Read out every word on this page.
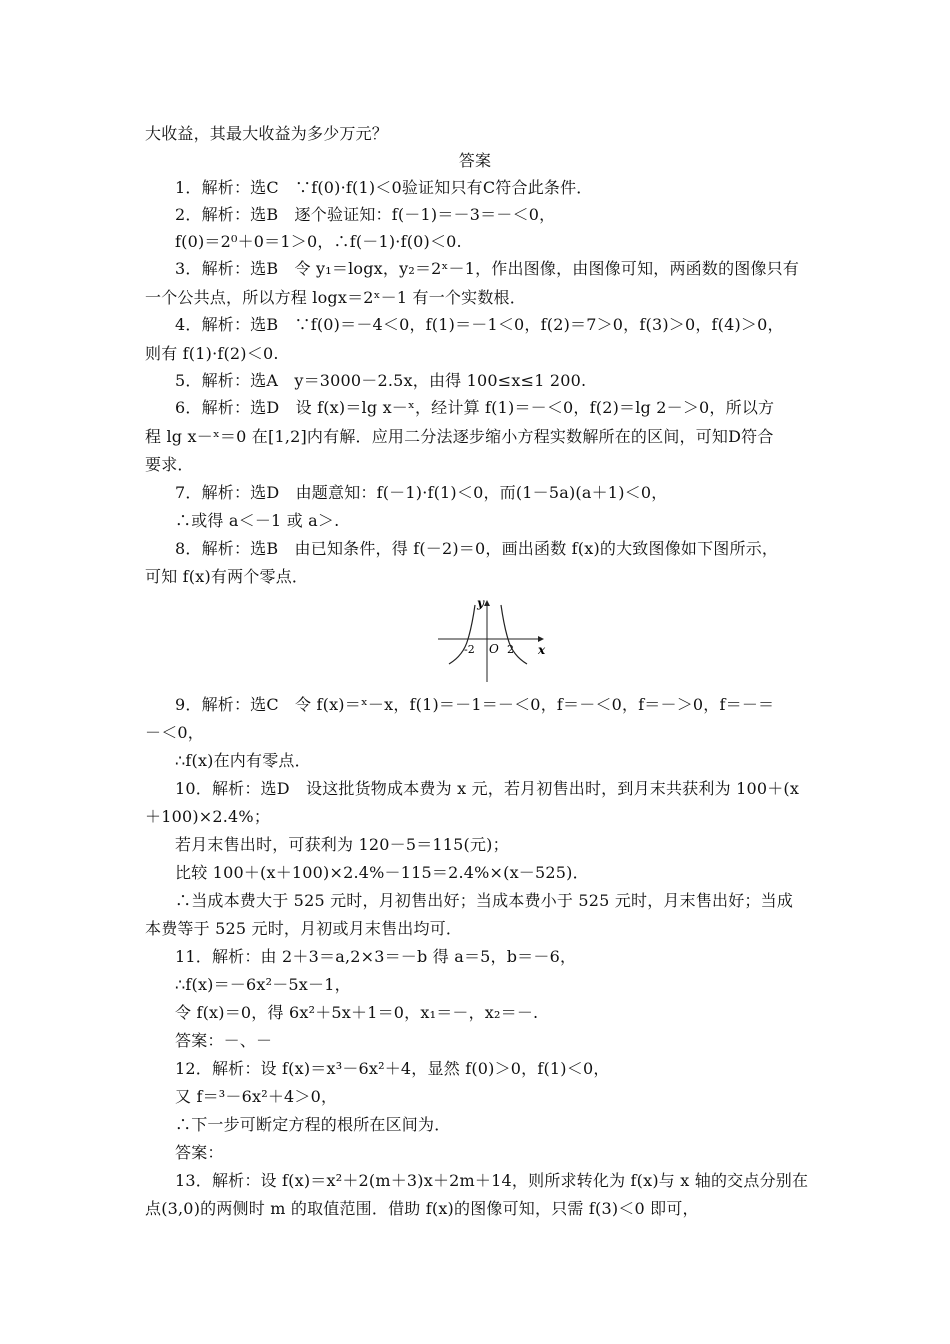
大收益，其最大收益为多少万元？
答案
1．解析：选C　∵f(0)·f(1)＜0验证知只有C符合此条件．
2．解析：选B　逐个验证知：f(－1)＝－3＝－＜0，
f(0)＝2⁰＋0＝1＞0，∴f(－1)·f(0)＜0.
3．解析：选B　令 y₁＝logx，y₂＝2ˣ－1，作出图像，由图像可知，两函数的图像只有
一个公共点，所以方程 logx＝2ˣ－1 有一个实数根．
4．解析：选B　∵f(0)＝－4＜0，f(1)＝－1＜0，f(2)＝7＞0，f(3)＞0，f(4)＞0，
则有 f(1)·f(2)＜0.
5．解析：选A　y＝3000－2.5x，由得 100≤x≤1 200.
6．解析：选D　设 f(x)＝lg x－ˣ，经计算 f(1)＝－＜0，f(2)＝lg 2－＞0，所以方
程 lg x－ˣ＝0 在[1,2]内有解．应用二分法逐步缩小方程实数解所在的区间，可知D符合
要求．
7．解析：选D　由题意知：f(－1)·f(1)＜0，而(1－5a)(a＋1)＜0，
∴或得 a＜－1 或 a＞.
8．解析：选B　由已知条件，得 f(－2)＝0，画出函数 f(x)的大致图像如下图所示，
可知 f(x)有两个零点．
y
x
O
-2	2
9．解析：选C　令 f(x)＝ˣ－x，f(1)＝－1＝－＜0，f＝－＜0，f＝－＞0，f＝－＝
－＜0，
∴f(x)在内有零点．
10．解析：选D　设这批货物成本费为 x 元，若月初售出时，到月末共获利为 100＋(x
＋100)×2.4%；
若月末售出时，可获利为 120－5＝115(元)；
比较 100＋(x＋100)×2.4%－115＝2.4%×(x－525)．
∴当成本费大于 525 元时，月初售出好；当成本费小于 525 元时，月末售出好；当成
本费等于 525 元时，月初或月末售出均可．
11．解析：由 2＋3＝a,2×3＝－b 得 a＝5，b＝－6，
∴f(x)＝－6x²－5x－1，
令 f(x)＝0，得 6x²＋5x＋1＝0，x₁＝－，x₂＝－.
答案：－、－
12．解析：设 f(x)＝x³－6x²＋4，显然 f(0)＞0，f(1)＜0，
又 f＝³－6x²＋4＞0，
∴下一步可断定方程的根所在区间为．
答案：
13．解析：设 f(x)＝x²＋2(m＋3)x＋2m＋14，则所求转化为 f(x)与 x 轴的交点分别在
点(3,0)的两侧时 m 的取值范围．借助 f(x)的图像可知，只需 f(3)＜0 即可，
